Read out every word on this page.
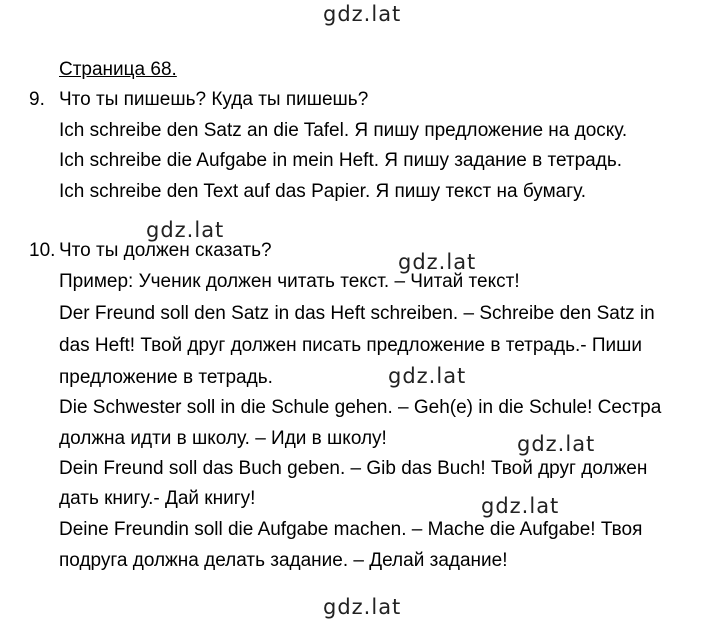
gdz.lat
gdz.lat
gdz.lat
gdz.lat
gdz.lat
gdz.lat
gdz.lat
Страница 68.
9. Что ты пишешь? Куда ты пишешь?
Ich schreibe den Satz an die Tafel. Я пишу предложение на доску.
Ich schreibe die Aufgabe in mein Heft. Я пишу задание в тетрадь.
Ich schreibe den Text auf das Papier. Я пишу текст на бумагу.
10. Что ты должен сказать?
Пример: Ученик должен читать текст. – Читай текст!
Der Freund soll den Satz in das Heft schreiben. – Schreibe den Satz in
das Heft! Твой друг должен писать предложение в тетрадь.- Пиши
предложение в тетрадь.
Die Schwester soll in die Schule gehen. – Geh(e) in die Schule! Сестра
должна идти в школу. – Иди в школу!
Dein Freund soll das Buch geben. – Gib das Buch! Твой друг должен
дать книгу.- Дай книгу!
Deine Freundin soll die Aufgabe machen. – Mache die Aufgabe! Твоя
подруга должна делать задание. – Делай задание!
